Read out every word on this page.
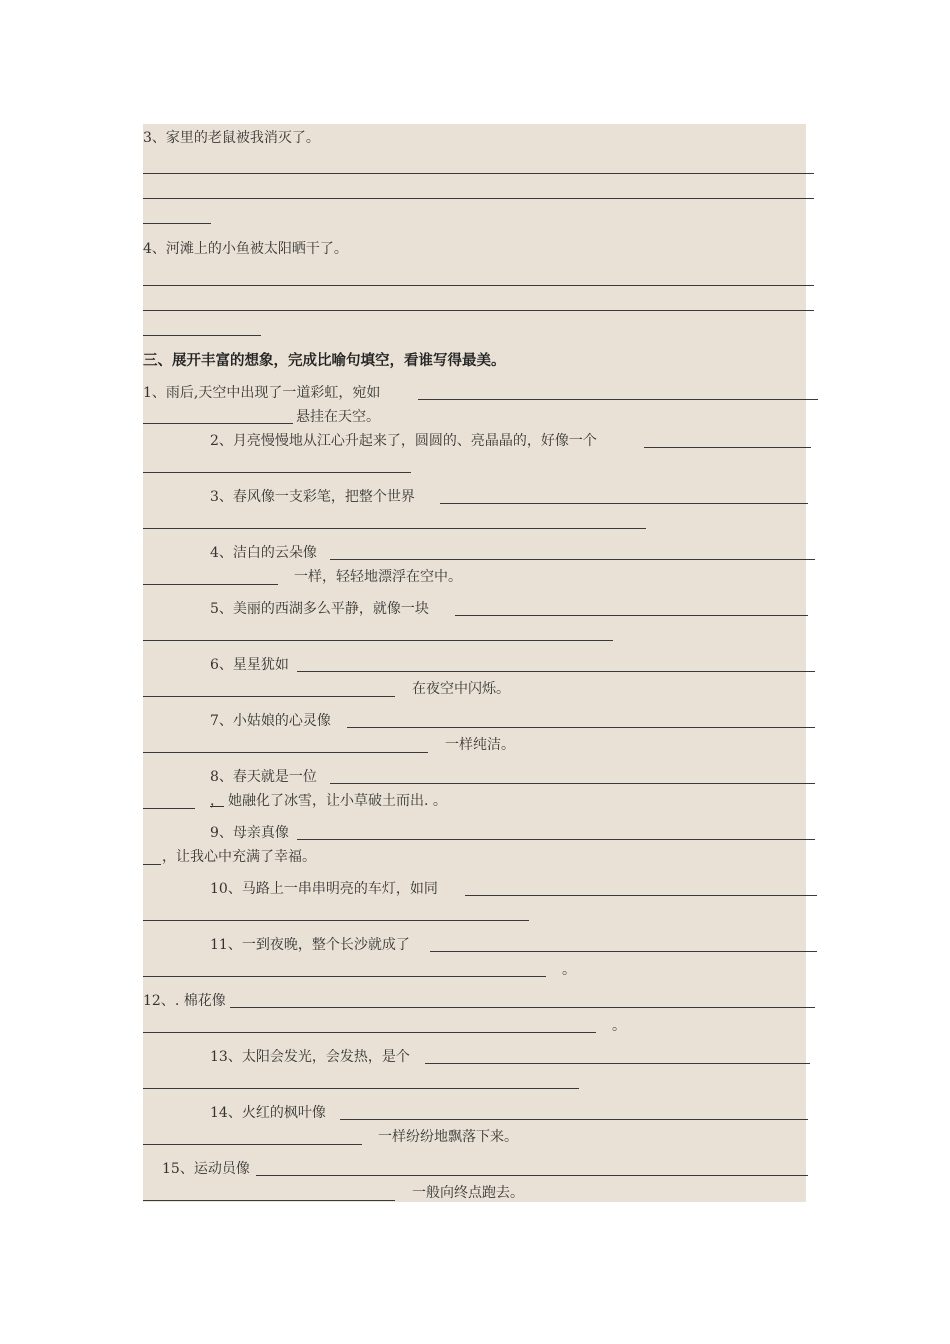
3、家里的老鼠被我消灭了。
4、河滩上的小鱼被太阳晒干了。
三、展开丰富的想象，完成比喻句填空，看谁写得最美。
1、雨后,天空中出现了一道彩虹，宛如
悬挂在天空。
2、月亮慢慢地从江心升起来了，圆圆的、亮晶晶的，好像一个
3、春风像一支彩笔，把整个世界
4、洁白的云朵像
一样，轻轻地漂浮在空中。
5、美丽的西湖多么平静，就像一块
6、星星犹如
在夜空中闪烁。
7、小姑娘的心灵像
一样纯洁。
8、春天就是一位
， 她融化了冰雪，让小草破土而出. 。
9、母亲真像
，让我心中充满了幸福。
10、马路上一串串明亮的车灯，如同
11、一到夜晚，整个长沙就成了
。
12、. 棉花像
。
13、太阳会发光，会发热，是个
14、火红的枫叶像
一样纷纷地飘落下来。
15、运动员像
一般向终点跑去。
